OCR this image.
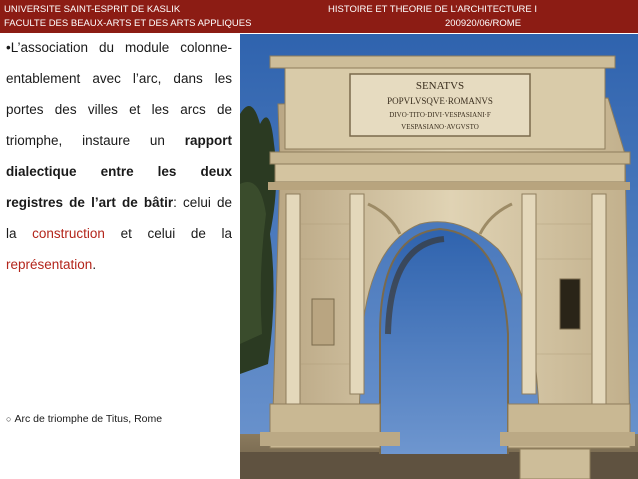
UNIVERSITE SAINT-ESPRIT DE KASLIK
FACULTE DES BEAUX-ARTS ET DES ARTS APPLIQUES
HISTOIRE ET THEORIE DE L’ARCHITECTURE I
200920/06/ROME
•L’association du module colonne-
entablement avec l’arc, dans les
portes des villes et les arcs de
triomphe, instaure un rapport
dialectique entre les deux
registres de l’art de bâtir: celui de
la construction et celui de la
représentation.
○ Arc de triomphe de Titus, Rome
SENATVS
POPVLVSQVE·ROMANVS
DIVO·TITO·DIVI·VESPASIANI·F
VESPASIANO·AVGVSTO
